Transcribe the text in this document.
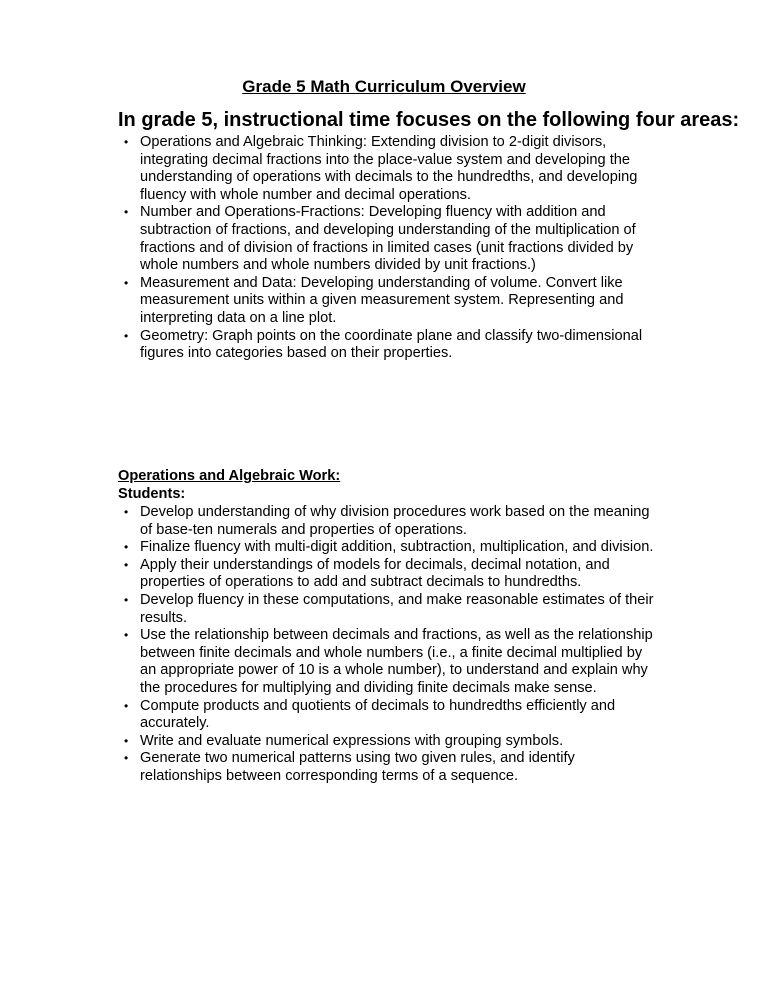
Grade 5 Math Curriculum Overview
In grade 5, instructional time focuses on the following four areas:
• Operations and Algebraic Thinking: Extending division to 2-digit divisors, integrating decimal fractions into the place-value system and developing the understanding of operations with decimals to the hundredths, and developing fluency with whole number and decimal operations.
• Number and Operations-Fractions: Developing fluency with addition and subtraction of fractions, and developing understanding of the multiplication of fractions and of division of fractions in limited cases (unit fractions divided by whole numbers and whole numbers divided by unit fractions.)
• Measurement and Data: Developing understanding of volume. Convert like measurement units within a given measurement system. Representing and interpreting data on a line plot.
• Geometry: Graph points on the coordinate plane and classify two-dimensional figures into categories based on their properties.
Operations and Algebraic Work:
Students:
• Develop understanding of why division procedures work based on the meaning of base-ten numerals and properties of operations.
• Finalize fluency with multi-digit addition, subtraction, multiplication, and division.
• Apply their understandings of models for decimals, decimal notation, and properties of operations to add and subtract decimals to hundredths.
• Develop fluency in these computations, and make reasonable estimates of their results.
• Use the relationship between decimals and fractions, as well as the relationship between finite decimals and whole numbers (i.e., a finite decimal multiplied by an appropriate power of 10 is a whole number), to understand and explain why the procedures for multiplying and dividing finite decimals make sense.
• Compute products and quotients of decimals to hundredths efficiently and accurately.
• Write and evaluate numerical expressions with grouping symbols.
• Generate two numerical patterns using two given rules, and identify relationships between corresponding terms of a sequence.
